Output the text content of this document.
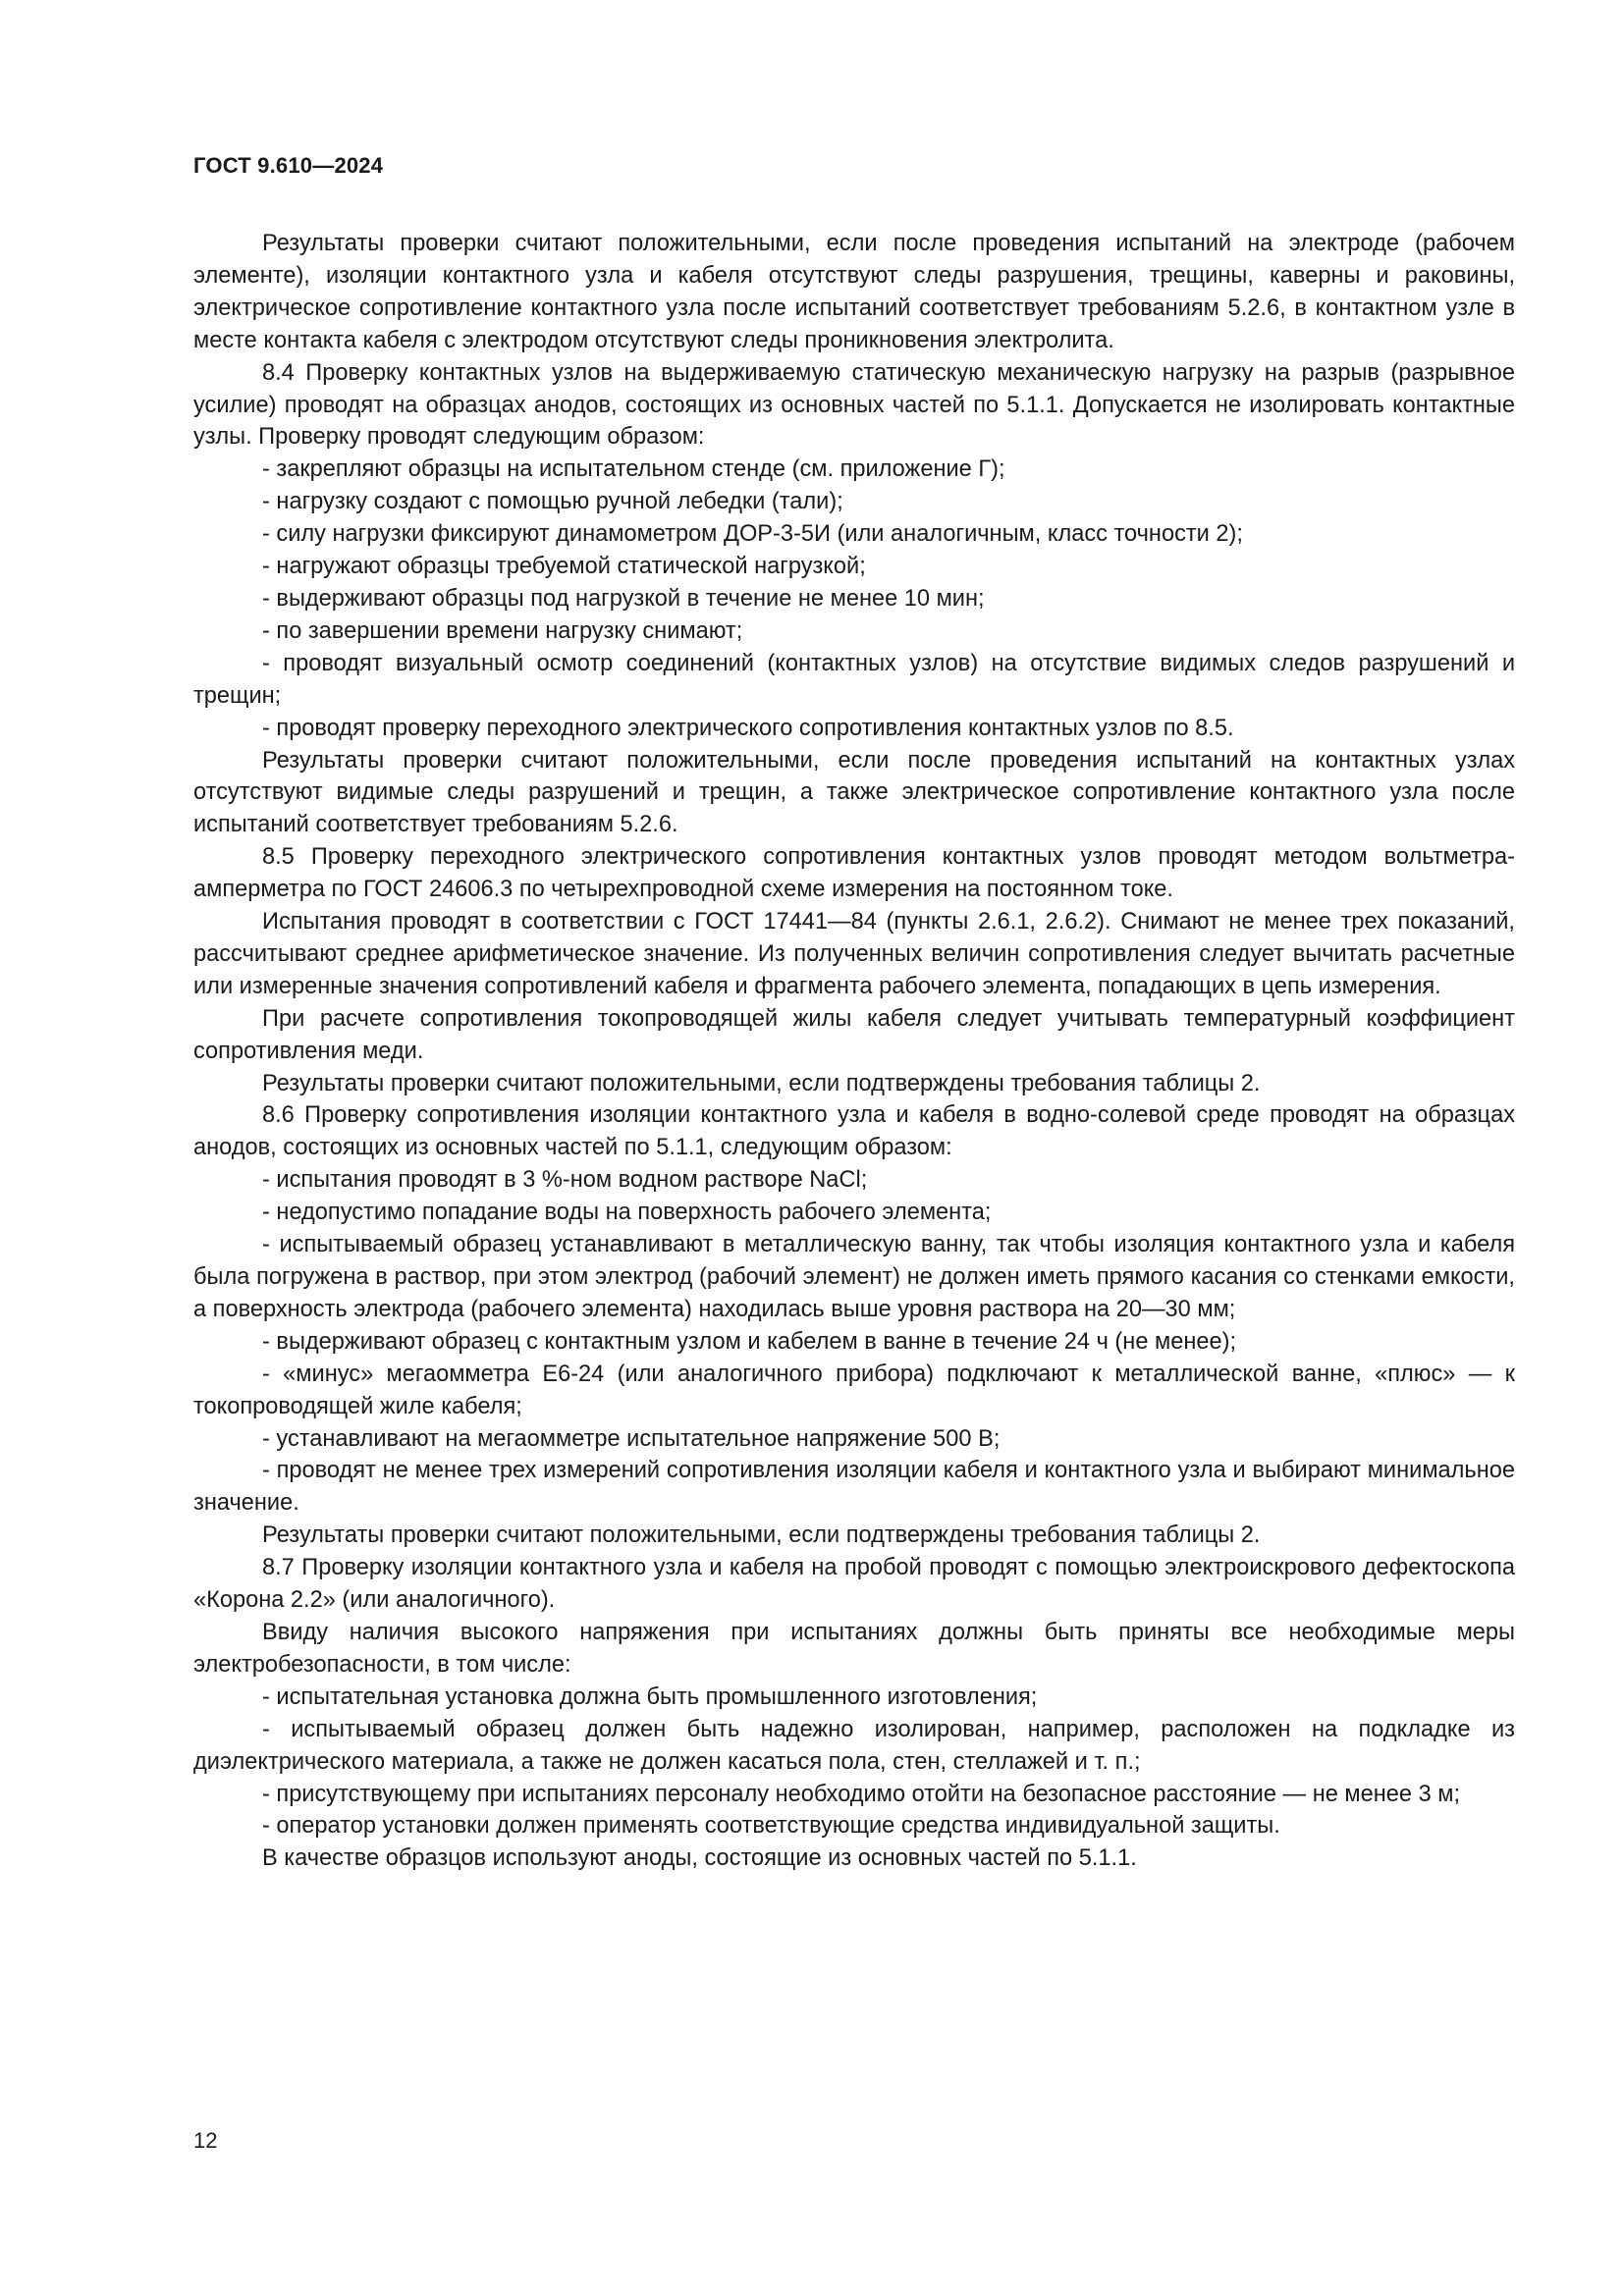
ГОСТ 9.610—2024

Результаты проверки считают положительными, если после проведения испытаний на электроде (рабочем элементе), изоляции контактного узла и кабеля отсутствуют следы разрушения, трещины, каверны и раковины, электрическое сопротивление контактного узла после испытаний соответствует требованиям 5.2.6, в контактном узле в месте контакта кабеля с электродом отсутствуют следы проникновения электролита.

8.4 Проверку контактных узлов на выдерживаемую статическую механическую нагрузку на разрыв (разрывное усилие) проводят на образцах анодов, состоящих из основных частей по 5.1.1. Допускается не изолировать контактные узлы. Проверку проводят следующим образом:

- закрепляют образцы на испытательном стенде (см. приложение Г);

- нагрузку создают с помощью ручной лебедки (тали);

- силу нагрузки фиксируют динамометром ДОР-3-5И (или аналогичным, класс точности 2);

- нагружают образцы требуемой статической нагрузкой;

- выдерживают образцы под нагрузкой в течение не менее 10 мин;

- по завершении времени нагрузку снимают;

- проводят визуальный осмотр соединений (контактных узлов) на отсутствие видимых следов разрушений и трещин;

- проводят проверку переходного электрического сопротивления контактных узлов по 8.5.

Результаты проверки считают положительными, если после проведения испытаний на контактных узлах отсутствуют видимые следы разрушений и трещин, а также электрическое сопротивление контактного узла после испытаний соответствует требованиям 5.2.6.

8.5 Проверку переходного электрического сопротивления контактных узлов проводят методом вольтметра-амперметра по ГОСТ 24606.3 по четырехпроводной схеме измерения на постоянном токе.

Испытания проводят в соответствии с ГОСТ 17441—84 (пункты 2.6.1, 2.6.2). Снимают не менее трех показаний, рассчитывают среднее арифметическое значение. Из полученных величин сопротивления следует вычитать расчетные или измеренные значения сопротивлений кабеля и фрагмента рабочего элемента, попадающих в цепь измерения.

При расчете сопротивления токопроводящей жилы кабеля следует учитывать температурный коэффициент сопротивления меди.

Результаты проверки считают положительными, если подтверждены требования таблицы 2.

8.6 Проверку сопротивления изоляции контактного узла и кабеля в водно-солевой среде проводят на образцах анодов, состоящих из основных частей по 5.1.1, следующим образом:

- испытания проводят в 3 %-ном водном растворе NaCl;

- недопустимо попадание воды на поверхность рабочего элемента;

- испытываемый образец устанавливают в металлическую ванну, так чтобы изоляция контактного узла и кабеля была погружена в раствор, при этом электрод (рабочий элемент) не должен иметь прямого касания со стенками емкости, а поверхность электрода (рабочего элемента) находилась выше уровня раствора на 20—30 мм;

- выдерживают образец с контактным узлом и кабелем в ванне в течение 24 ч (не менее);

- «минус» мегаомметра Е6-24 (или аналогичного прибора) подключают к металлической ванне, «плюс» — к токопроводящей жиле кабеля;

- устанавливают на мегаомметре испытательное напряжение 500 В;

- проводят не менее трех измерений сопротивления изоляции кабеля и контактного узла и выбирают минимальное значение.

Результаты проверки считают положительными, если подтверждены требования таблицы 2.

8.7 Проверку изоляции контактного узла и кабеля на пробой проводят с помощью электроискрового дефектоскопа «Корона 2.2» (или аналогичного).

Ввиду наличия высокого напряжения при испытаниях должны быть приняты все необходимые меры электробезопасности, в том числе:

- испытательная установка должна быть промышленного изготовления;

- испытываемый образец должен быть надежно изолирован, например, расположен на подкладке из диэлектрического материала, а также не должен касаться пола, стен, стеллажей и т. п.;

- присутствующему при испытаниях персоналу необходимо отойти на безопасное расстояние — не менее 3 м;

- оператор установки должен применять соответствующие средства индивидуальной защиты.

В качестве образцов используют аноды, состоящие из основных частей по 5.1.1.

12
